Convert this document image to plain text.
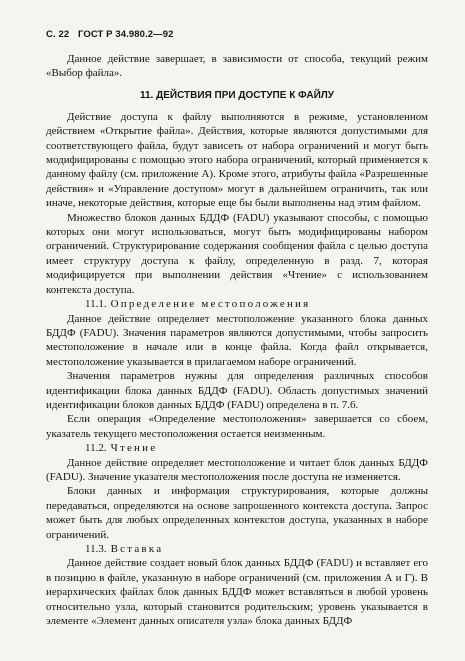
С. 22 ГОСТ Р 34.980.2—92

Данное действие завершает, в зависимости от способа, текущий режим «Выбор файла».

11. ДЕЙСТВИЯ ПРИ ДОСТУПЕ К ФАЙЛУ

Действие доступа к файлу выполняются в режиме, установленном действием «Открытие файла». Действия, которые являются допустимыми для соответствующего файла, будут зависеть от набора ограничений и могут быть модифицированы с помощью этого набора ограничений, который применяется к данному файлу (см. приложение А). Кроме этого, атрибуты файла «Разрешенные действия» и «Управление доступом» могут в дальнейшем ограничить, так или иначе, некоторые действия, которые еще бы были выполнены над этим файлом.

Множество блоков данных БДДФ (FADU) указывают способы, с помощью которых они могут использоваться, могут быть модифицированы набором ограничений. Структурирование содержания сообщения файла с целью доступа имеет структуру доступа к файлу, определенную в разд. 7, которая модифицируется при выполнении действия «Чтение» с использованием контекста доступа.

11.1. Определение местоположения

Данное действие определяет местоположение указанного блока данных БДДФ (FADU). Значения параметров являются допустимыми, чтобы запросить местоположение в начале или в конце файла. Когда файл открывается, местоположение указывается в прилагаемом наборе ограничений.

Значения параметров нужны для определения различных способов идентификации блока данных БДДФ (FADU). Область допустимых значений идентификации блоков данных БДДФ (FADU) определена в п. 7.6.

Если операция «Определение местоположения» завершается со сбоем, указатель текущего местоположения остается неизменным.

11.2. Чтение

Данное действие определяет местоположение и читает блок данных БДДФ (FADU). Значение указателя местоположения после доступа не изменяется.

Блоки данных и информация структурирования, которые должны передаваться, определяются на основе запрошенного контекста доступа. Запрос может быть для любых определенных контекстов доступа, указанных в наборе ограничений.

11.3. Вставка

Данное действие создает новый блок данных БДДФ (FADU) и вставляет его в позицию в файле, указанную в наборе ограничений (см. приложения А и Г). В иерархических файлах блок данных БДДФ может вставляться в любой уровень относительно узла, который становится родительским; уровень указывается в элементе «Элемент данных описателя узла» блока данных БДДФ
